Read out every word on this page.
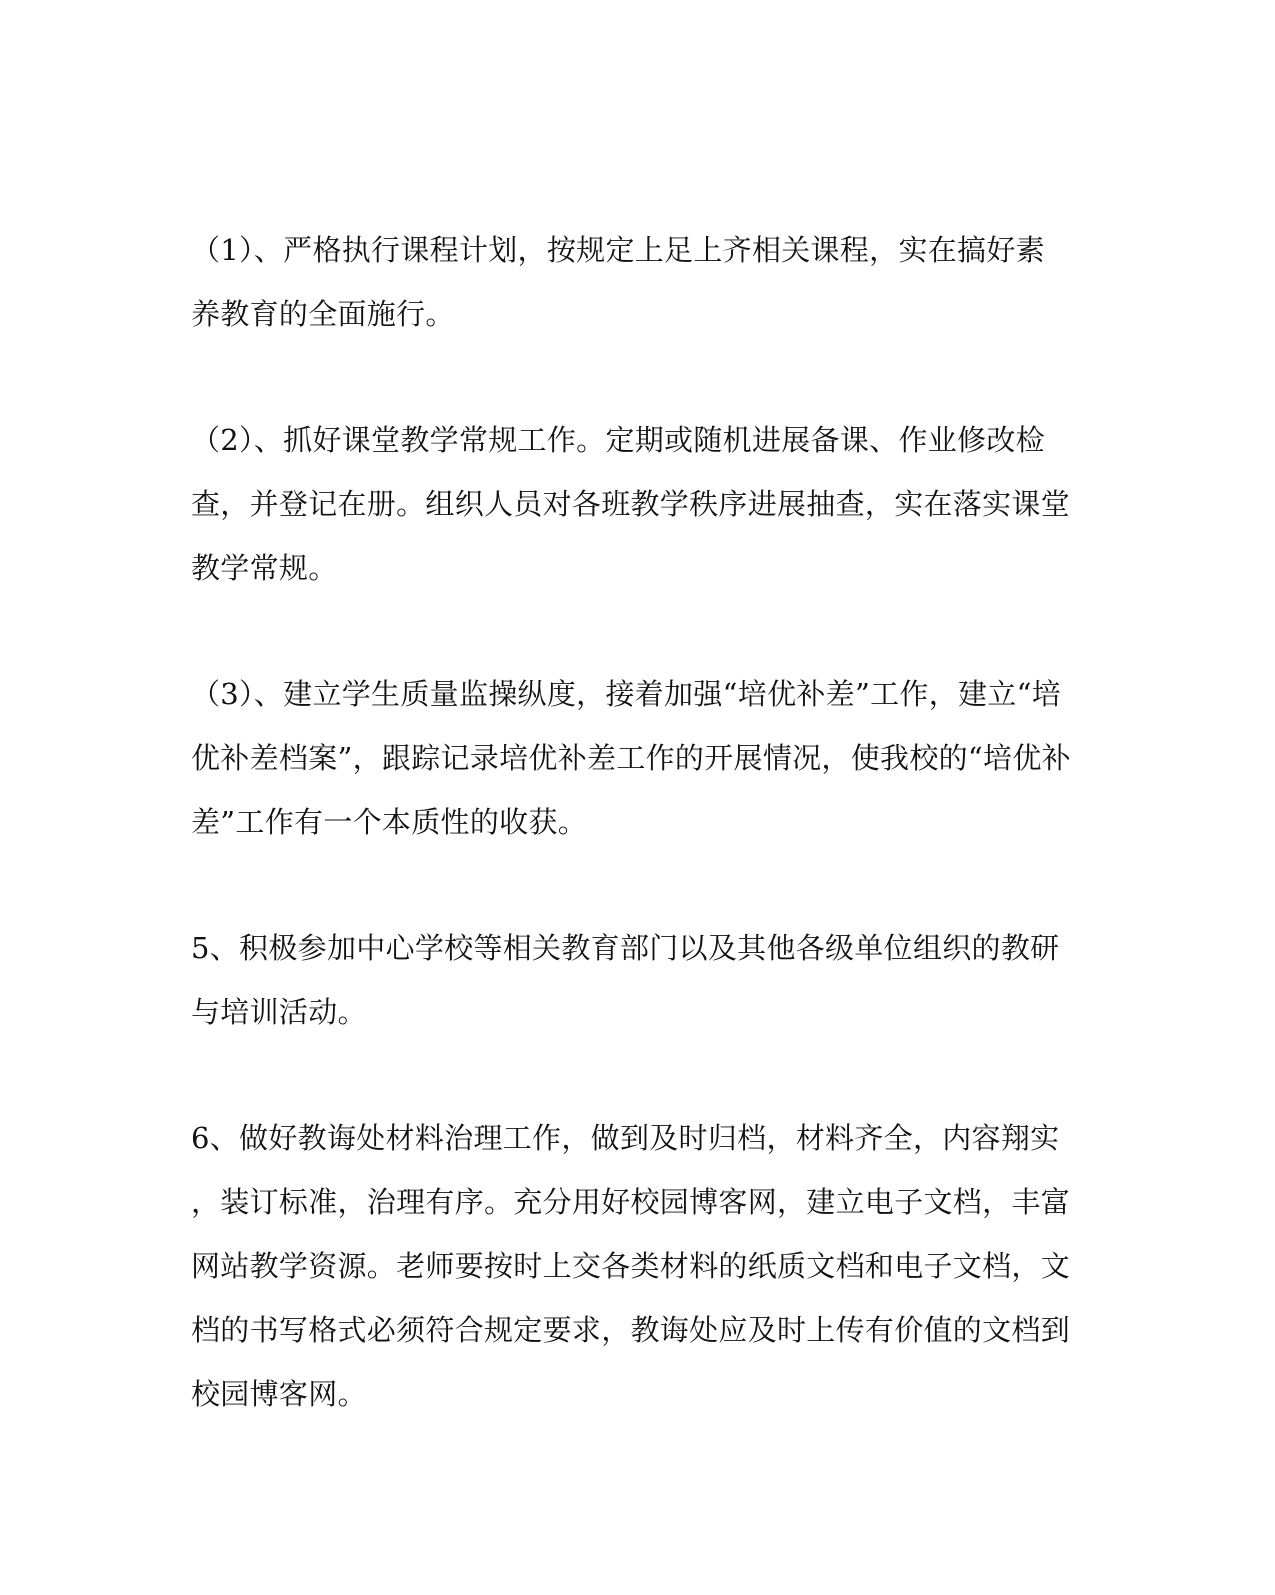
（1）、严格执行课程计划，按规定上足上齐相关课程，实在搞好素
养教育的全面施行。

（2）、抓好课堂教学常规工作。定期或随机进展备课、作业修改检
查，并登记在册。组织人员对各班教学秩序进展抽查，实在落实课堂
教学常规。

（3）、建立学生质量监操纵度，接着加强“培优补差”工作，建立“培
优补差档案”，跟踪记录培优补差工作的开展情况，使我校的“培优补
差”工作有一个本质性的收获。

5、积极参加中心学校等相关教育部门以及其他各级单位组织的教研
与培训活动。

6、做好教诲处材料治理工作，做到及时归档，材料齐全，内容翔实
，装订标准，治理有序。充分用好校园博客网，建立电子文档，丰富
网站教学资源。老师要按时上交各类材料的纸质文档和电子文档，文
档的书写格式必须符合规定要求，教诲处应及时上传有价值的文档到
校园博客网。
